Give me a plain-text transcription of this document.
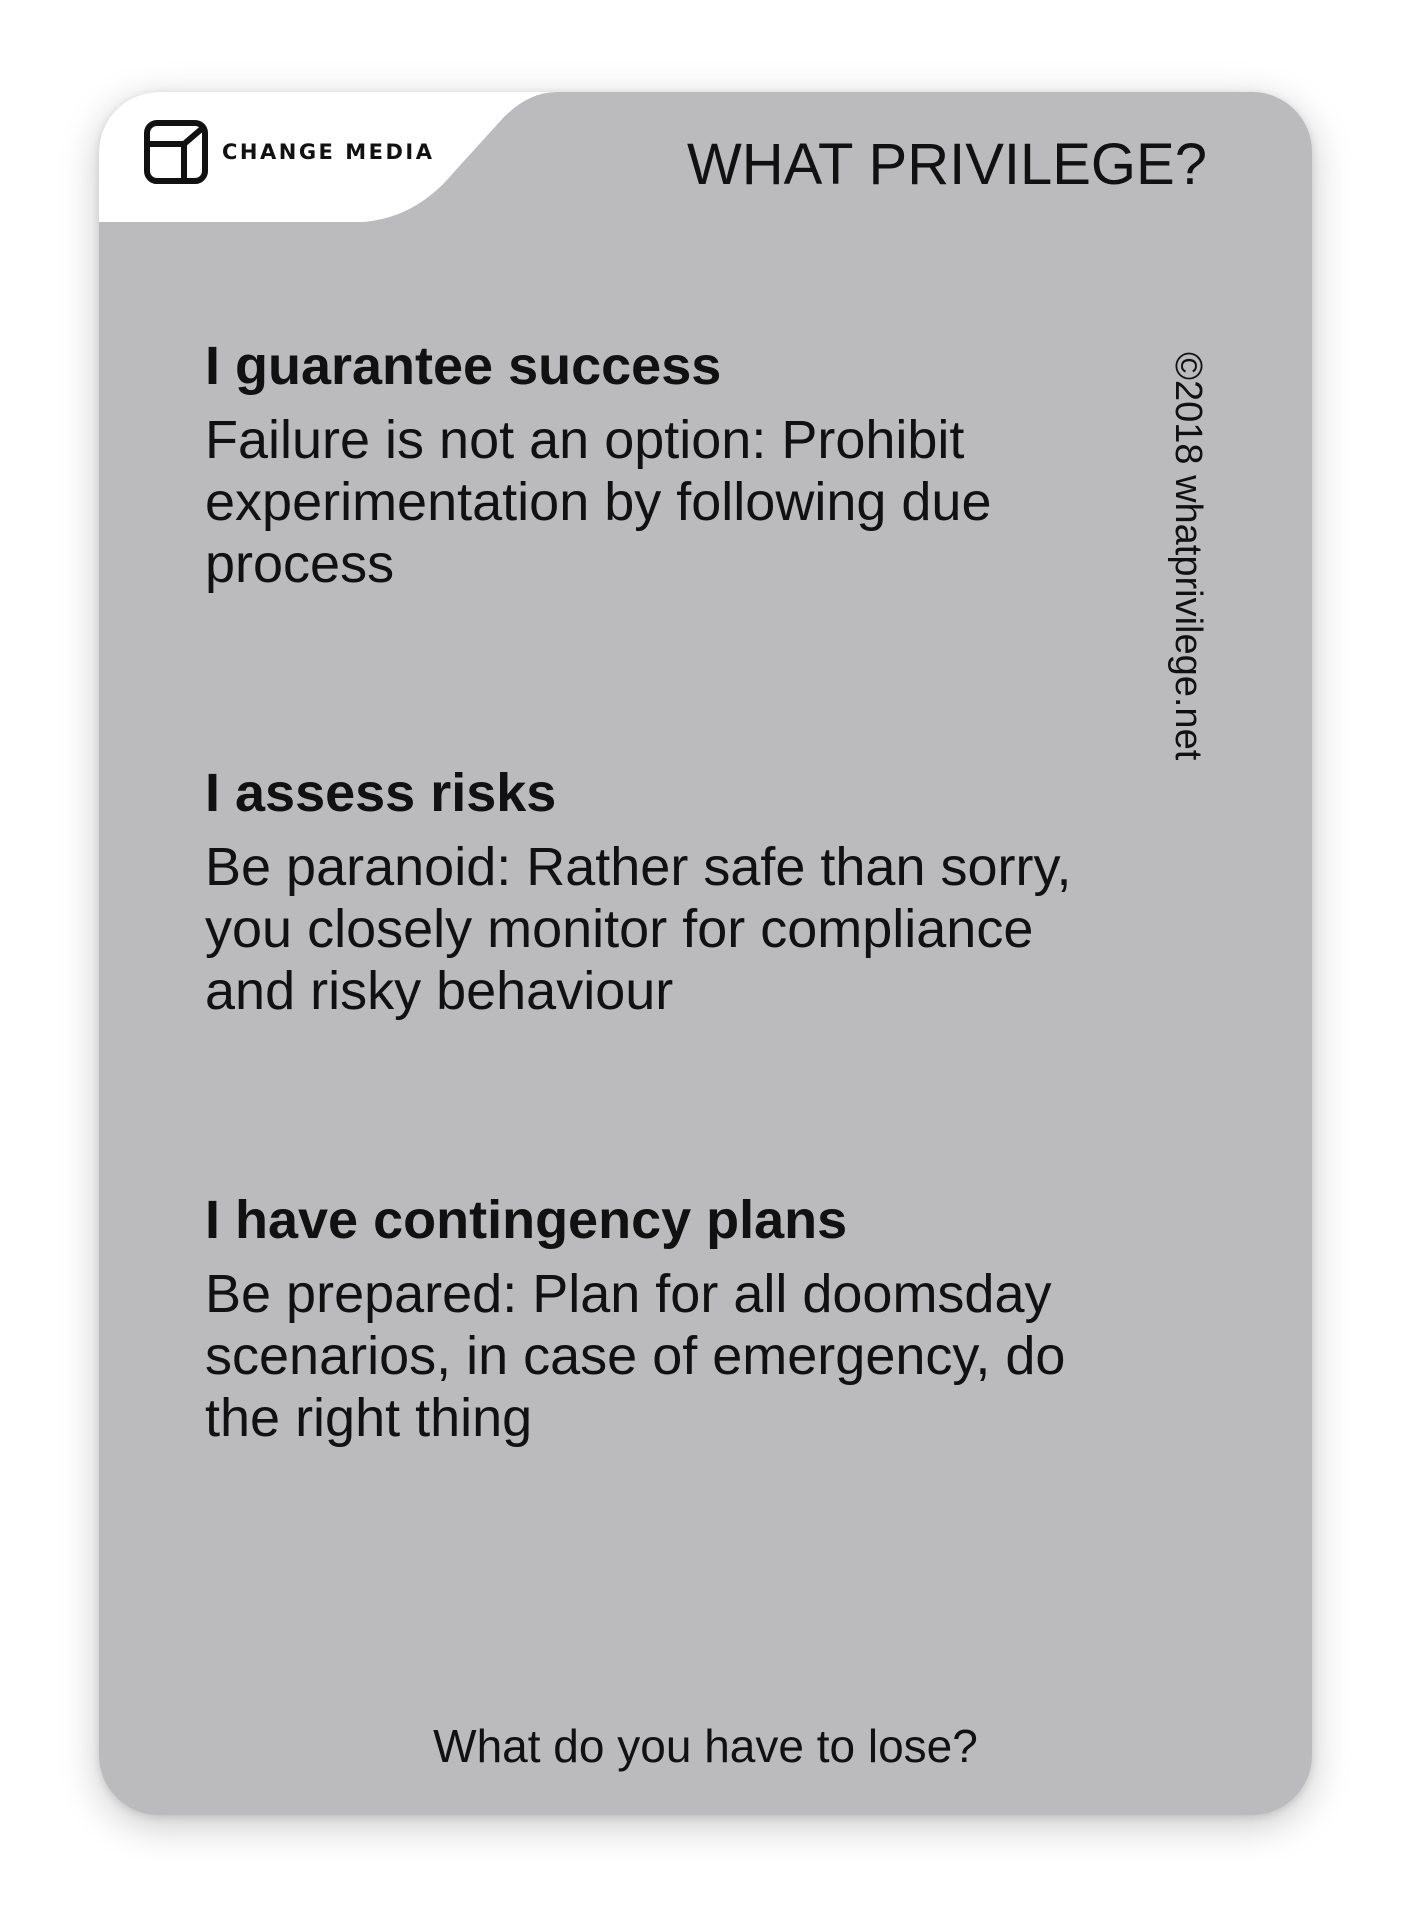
CHANGE MEDIA	WHAT PRIVILEGE?
©2018 whatprivilege.net
I guarantee success

Failure is not an option: Prohibit experimentation by following due process

I assess risks

Be paranoid: Rather safe than sorry, you closely monitor for compliance and risky behaviour

I have contingency plans

Be prepared: Plan for all doomsday scenarios, in case of emergency, do the right thing

What do you have to lose?
